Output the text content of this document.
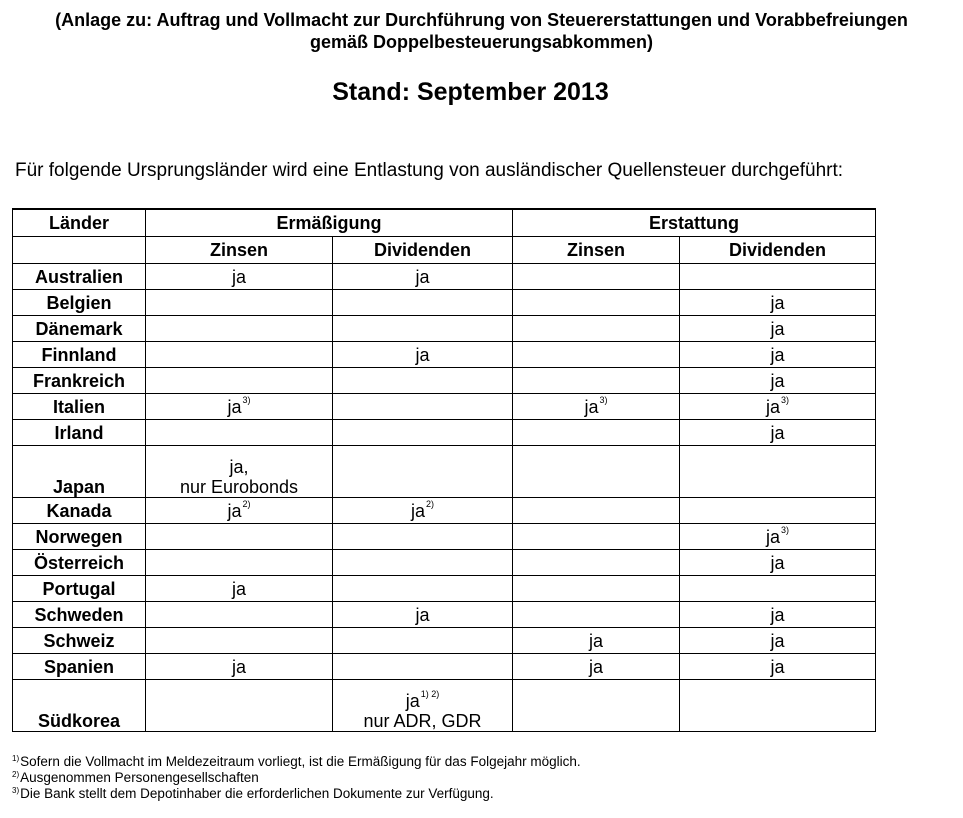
(Anlage zu: Auftrag und Vollmacht zur Durchführung von Steuererstattungen und Vorabbefreiungen
gemäß Doppelbesteuerungsabkommen)
Stand: September 2013
Für folgende Ursprungsländer wird eine Entlastung von ausländischer Quellensteuer durchgeführt:
Länder	Ermäßigung		Erstattung	
	Zinsen	Dividenden	Zinsen	Dividenden
Australien	ja	ja		
Belgien				ja
Dänemark				ja
Finnland		ja		ja
Frankreich				ja
Italien	$ja^{3)}$		$ja^{3)}$	$ja^{3)}$
Irland				ja
Japan	ja,
nur Eurobonds			

Kanada	$ja^{2)}$	$ja^{2)}$		
Norwegen				$ja^{3)}$
Österreich				ja
Portugal	ja			
Schweden		ja		ja
Schweiz			ja	ja
Spanien	ja		ja	ja
Südkorea		$ja^{1) 2)}$
nur ADR, GDR		

$^{1)}$Sofern die Vollmacht im Meldezeitraum vorliegt, ist die Ermäßigung für das Folgejahr möglich.
$^{2)}$Ausgenommen Personengesellschaften
$^{3)}$Die Bank stellt dem Depotinhaber die erforderlichen Dokumente zur Verfügung.
